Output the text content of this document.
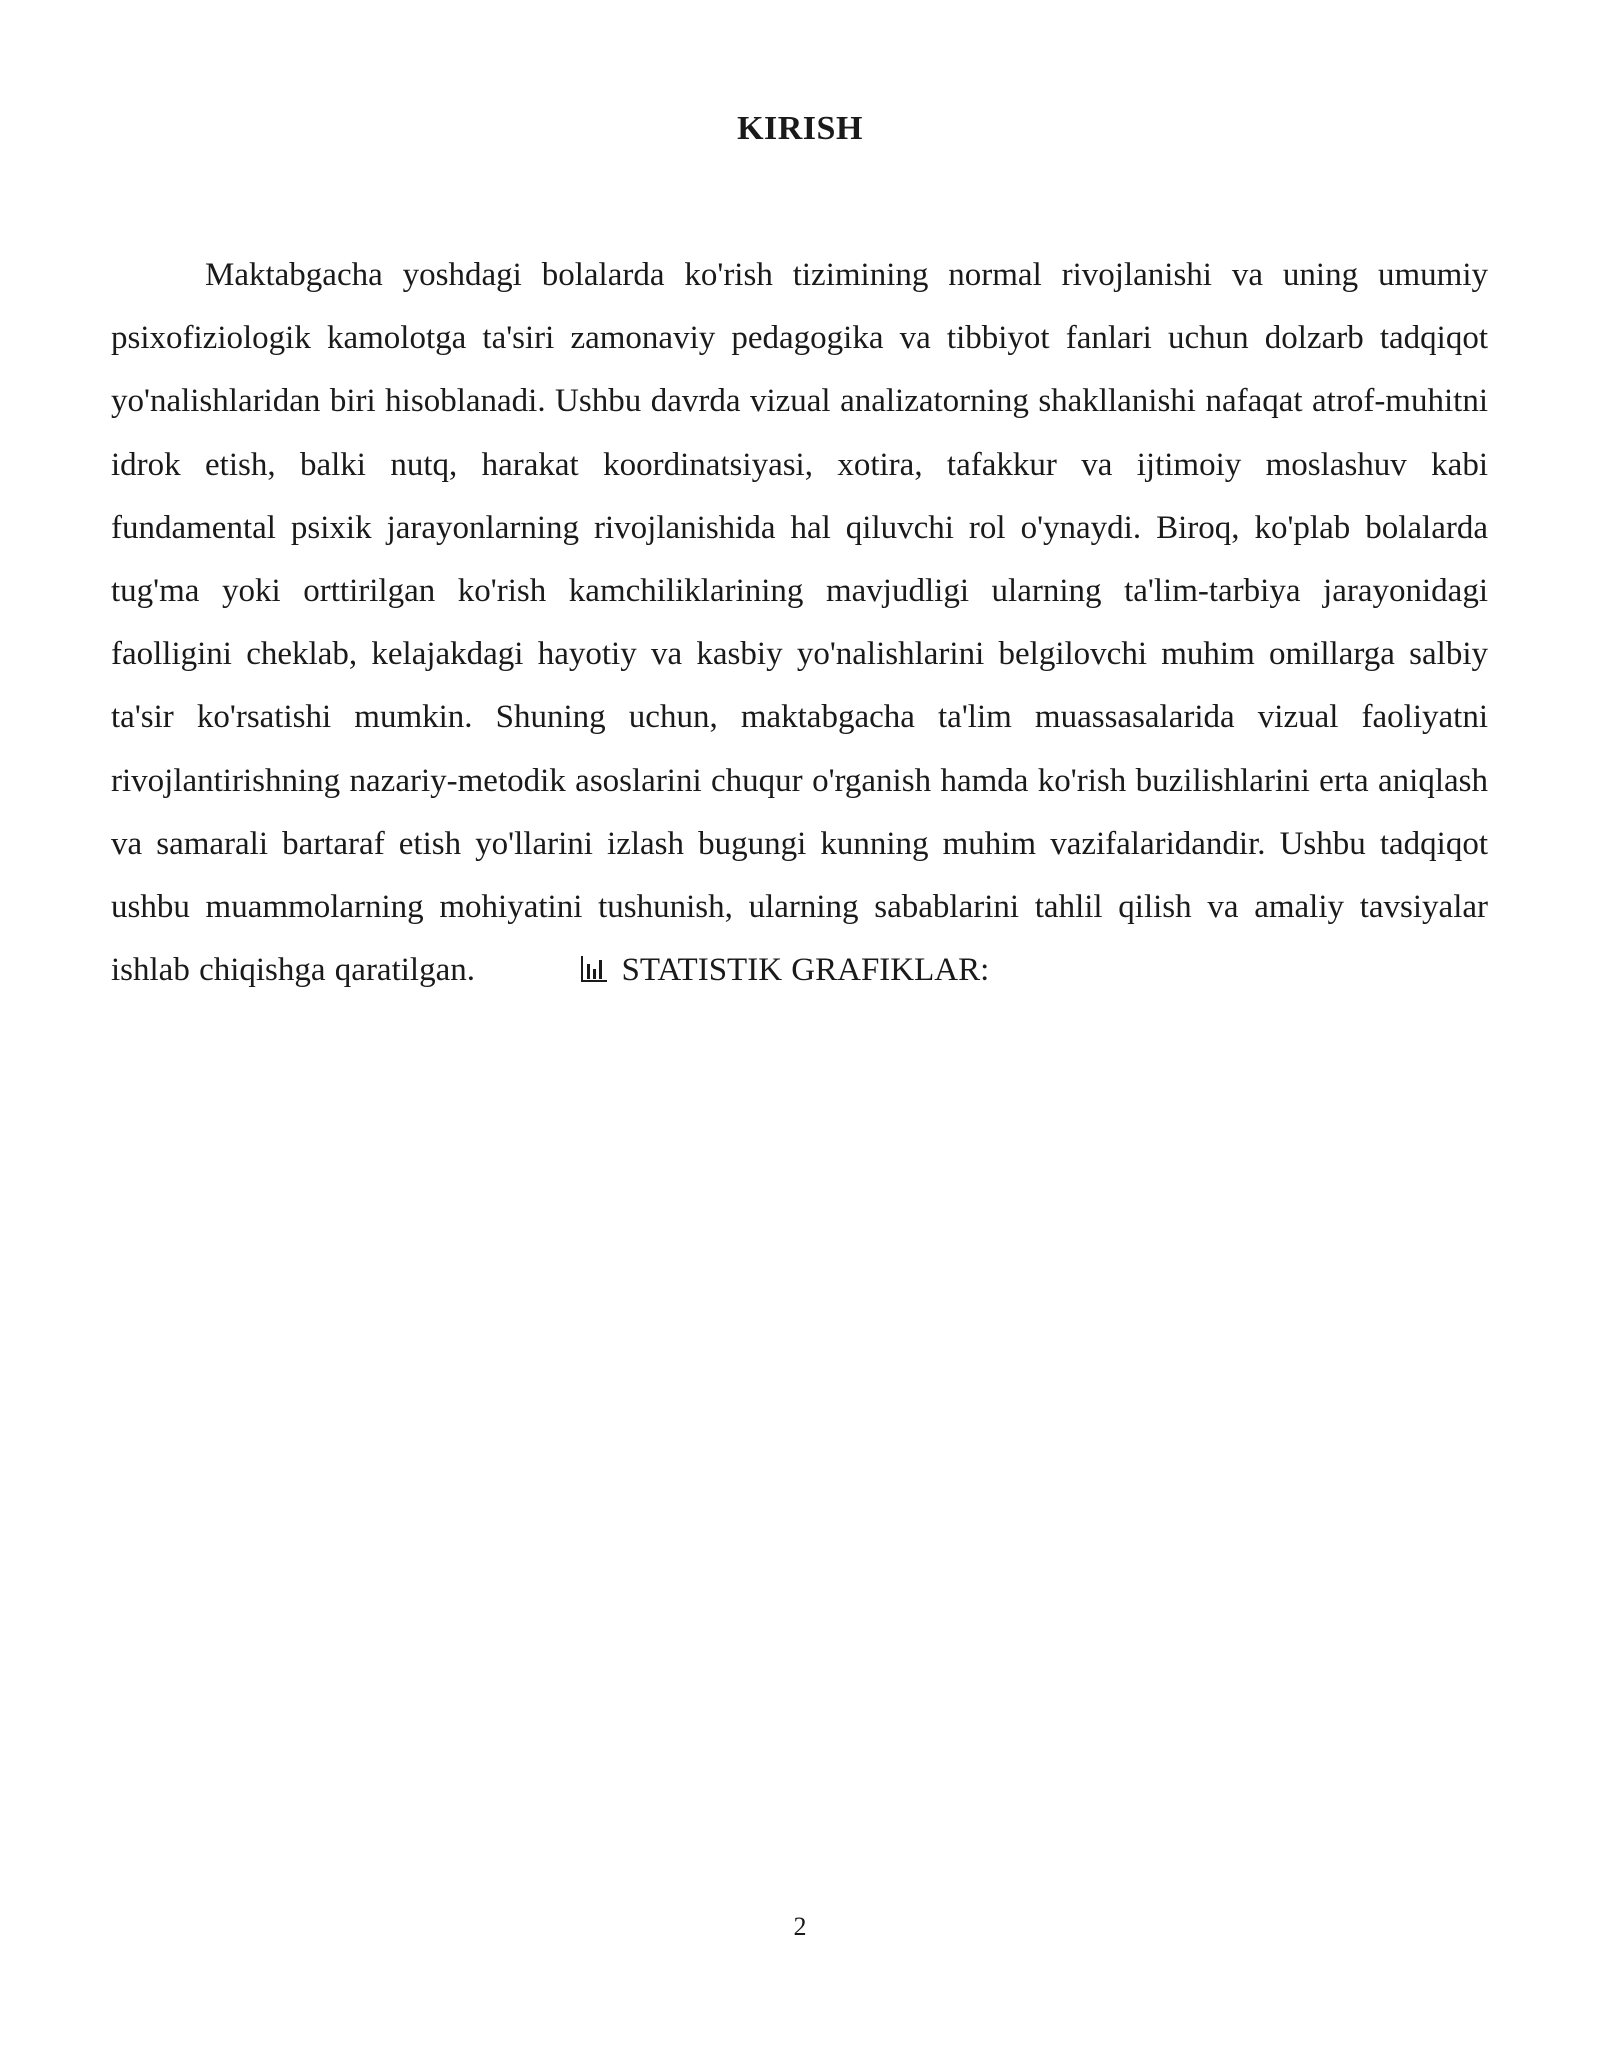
KIRISH

Maktabgacha yoshdagi bolalarda ko'rish tizimining normal rivojlanishi va uning umumiy psixofiziologik kamolotga ta'siri zamonaviy pedagogika va tibbiyot fanlari uchun dolzarb tadqiqot yo'nalishlaridan biri hisoblanadi. Ushbu davrda vizual analizatorning shakllanishi nafaqat atrof-muhitni idrok etish, balki nutq, harakat koordinatsiyasi, xotira, tafakkur va ijtimoiy moslashuv kabi fundamental psixik jarayonlarning rivojlanishida hal qiluvchi rol o'ynaydi. Biroq, ko'plab bolalarda tug'ma yoki orttirilgan ko'rish kamchiliklarining mavjudligi ularning ta'lim-tarbiya jarayonidagi faolligini cheklab, kelajakdagi hayotiy va kasbiy yo'nalishlarini belgilovchi muhim omillarga salbiy ta'sir ko'rsatishi mumkin. Shuning uchun, maktabgacha ta'lim muassasalarida vizual faoliyatni rivojlantirishning nazariy-metodik asoslarini chuqur o'rganish hamda ko'rish buzilishlarini erta aniqlash va samarali bartaraf etish yo'llarini izlash bugungi kunning muhim vazifalaridandir. Ushbu tadqiqot ushbu muammolarning mohiyatini tushunish, ularning sabablarini tahlil qilish va amaliy tavsiyalar ishlab chiqishga qaratilgan.	STATISTIK GRAFIKLAR:

2
